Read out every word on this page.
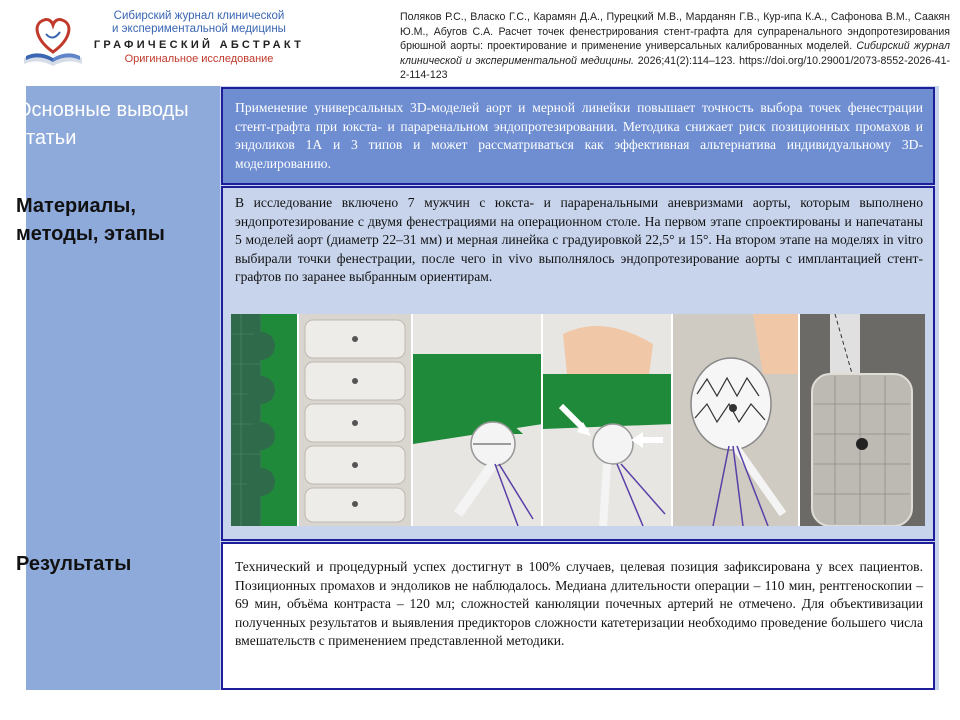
Сибирский журнал клинической
и экспериментальной медицины
ГРАФИЧЕСКИЙ АБСТРАКТ
Оригинальное исследование
Поляков Р.С., Власко Г.С., Карамян Д.А., Пурецкий М.В., Марданян Г.В., Кур-ипа К.А., Сафонова В.М., Саакян Ю.М., Абугов С.А. Расчет точек фенестрирования стент-графта для супраренального эндопротезирования брюшной аорты: проектирование и применение универсальных калиброванных моделей. Сибирский журнал клинической и экспериментальной медицины. 2026;41(2):114–123. https://doi.org/10.29001/2073-8552-2026-41-2-114-123
Основные выводы статьи
Материалы, методы, этапы
Результаты
Применение универсальных 3D-моделей аорт и мерной линейки повышает точность выбора точек фенестрации стент-графта при юкста- и параренальном эндопротезировании. Методика снижает риск позиционных промахов и эндоликов 1А и 3 типов и может рассматриваться как эффективная альтернатива индивидуальному 3D-моделированию.
В исследование включено 7 мужчин с юкста- и параренальными аневризмами аорты, которым выполнено эндопротезирование с двумя фенестрациями на операционном столе. На первом этапе спроектированы и напечатаны 5 моделей аорт (диаметр 22–31 мм) и мерная линейка с градуировкой 22,5° и 15°. На втором этапе на моделях in vitro выбирали точки фенестрации, после чего in vivo выполнялось эндопротезирование аорты с имплантацией стент-графтов по заранее выбранным ориентирам.
Технический и процедурный успех достигнут в 100% случаев, целевая позиция зафиксирована у всех пациентов. Позиционных промахов и эндоликов не наблюдалось. Медиана длительности операции – 110 мин, рентгеноскопии – 69 мин, объёма контраста – 120 мл; сложностей канюляции почечных артерий не отмечено. Для объективизации полученных результатов и выявления предикторов сложности катетеризации необходимо проведение большего числа вмешательств с применением представленной методики.
